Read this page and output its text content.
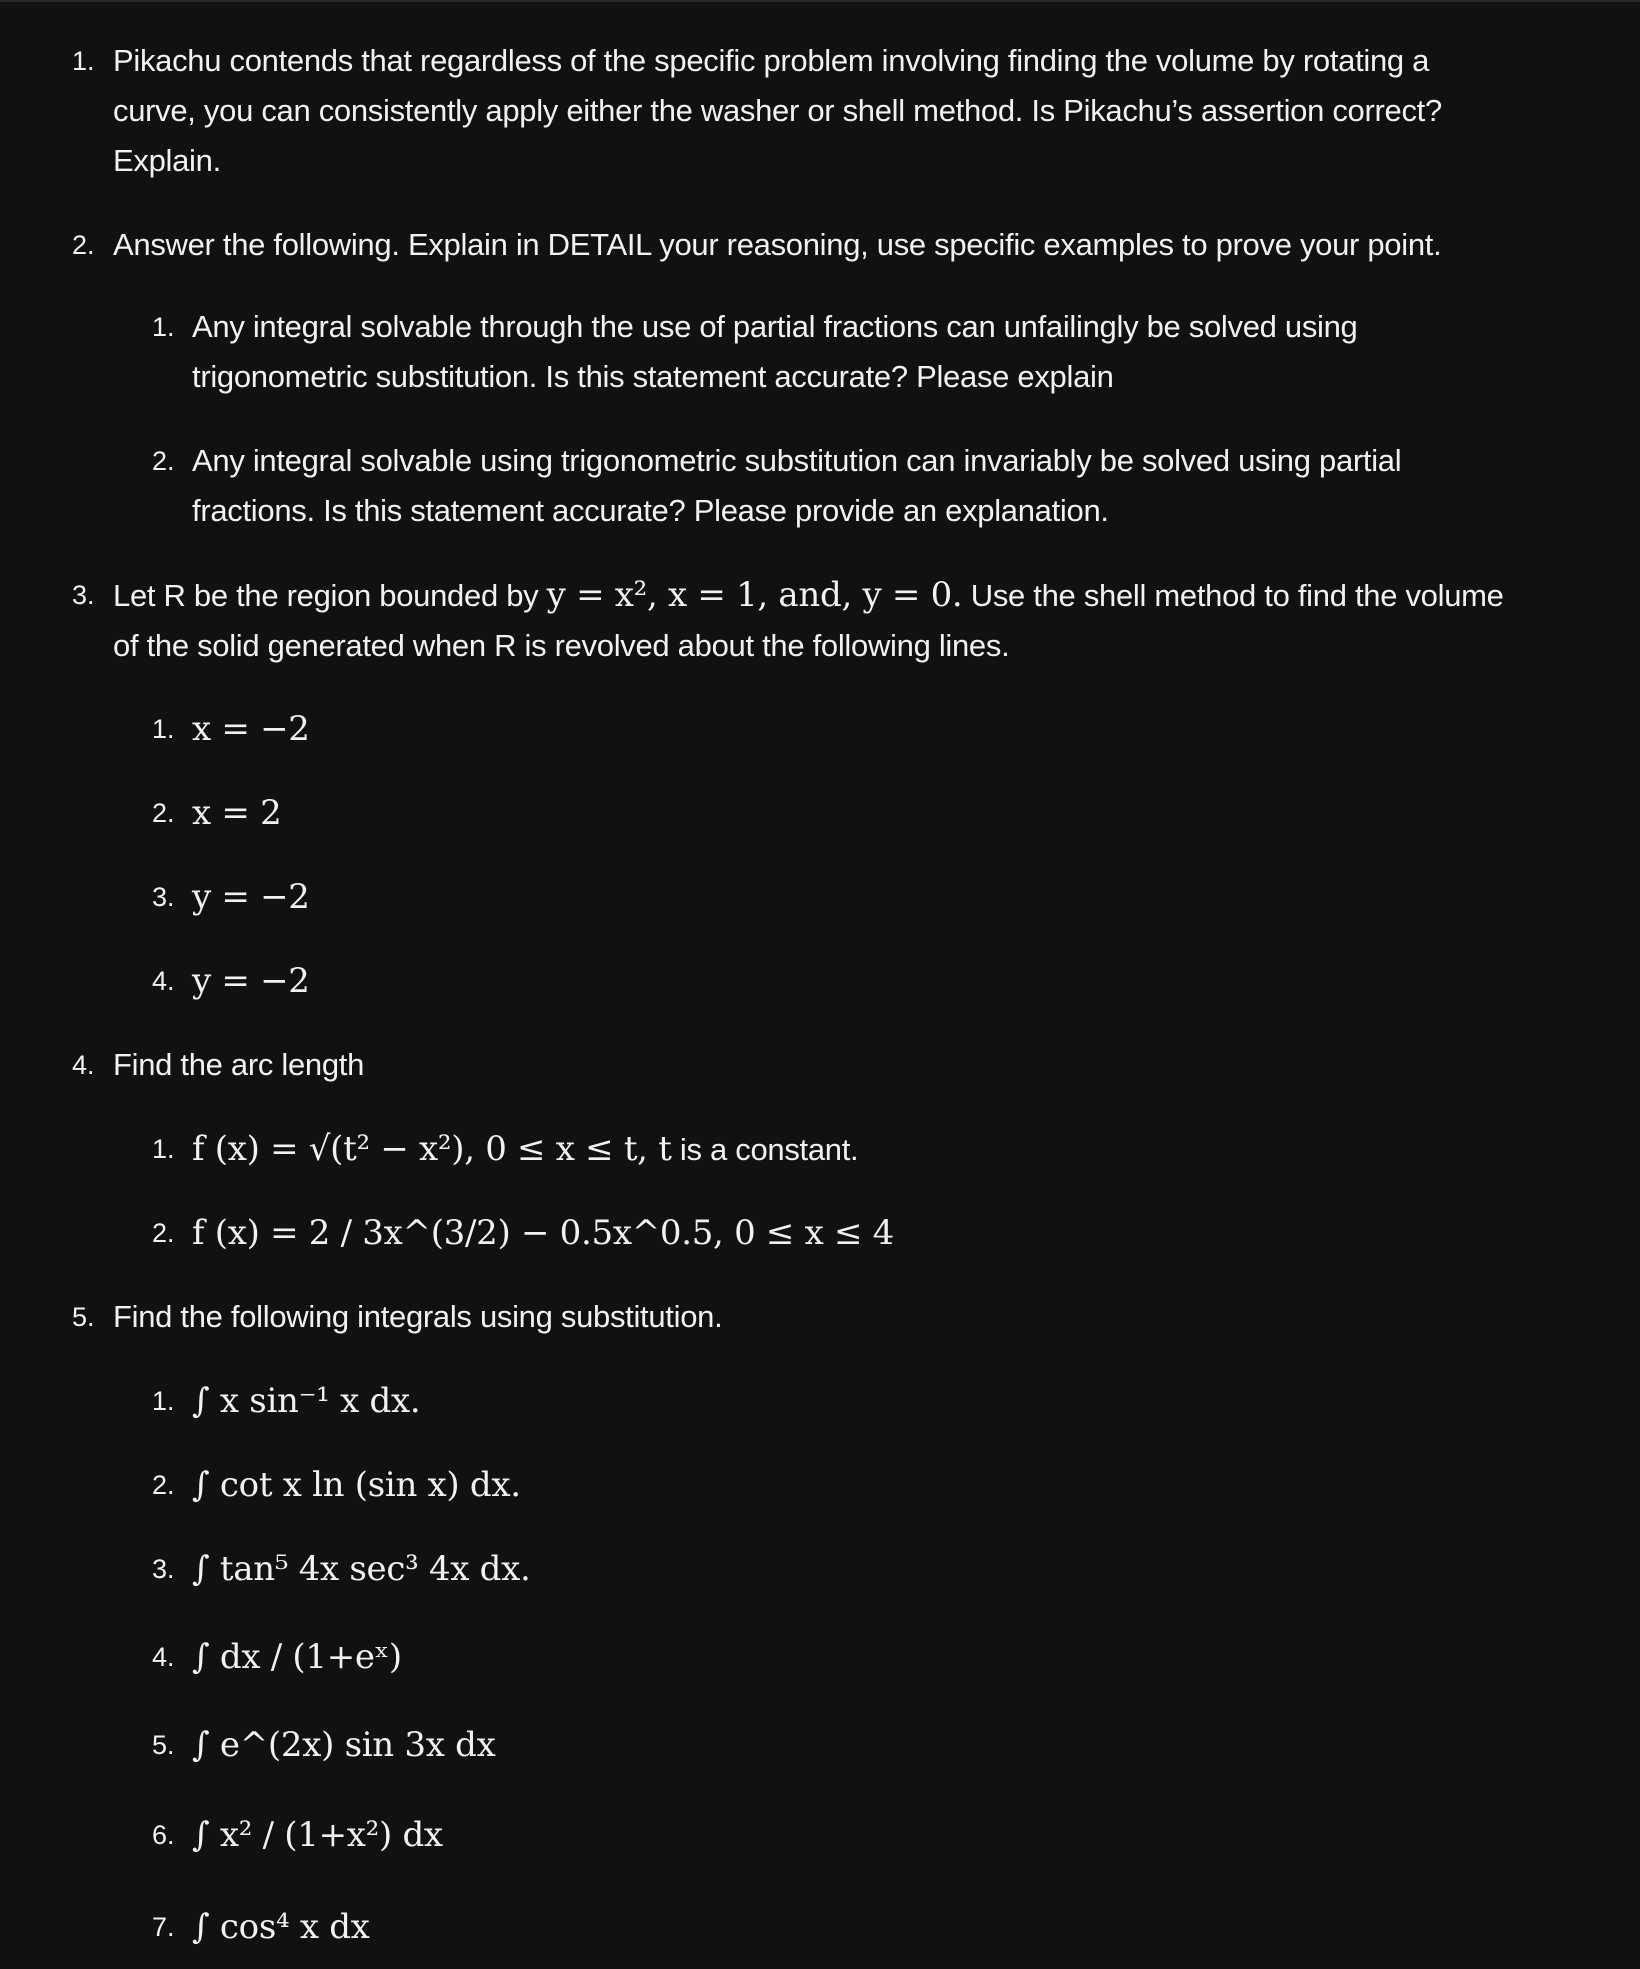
1. Pikachu contends that regardless of the specific problem involving finding the volume by rotating a
curve, you can consistently apply either the washer or shell method. Is Pikachu’s assertion correct?
Explain.
2. Answer the following. Explain in DETAIL your reasoning, use specific examples to prove your point.
1. Any integral solvable through the use of partial fractions can unfailingly be solved using
trigonometric substitution. Is this statement accurate? Please explain
2. Any integral solvable using trigonometric substitution can invariably be solved using partial
fractions. Is this statement accurate? Please provide an explanation.
3. Let R be the region bounded by y = x², x = 1, and, y = 0. Use the shell method to find the volume
of the solid generated when R is revolved about the following lines.
1. x = −2
2. x = 2
3. y = −2
4. y = −2
4. Find the arc length
1. f (x) = √(t² − x²), 0 ≤ x ≤ t, t is a constant.
2. f (x) = 2 / 3x^(3/2) − 0.5x^0.5, 0 ≤ x ≤ 4
5. Find the following integrals using substitution.
1. ∫ x sin⁻¹ x dx.
2. ∫ cot x ln (sin x) dx.
3. ∫ tan⁵ 4x sec³ 4x dx.
4. ∫ dx / (1+eˣ)
5. ∫ e^(2x) sin 3x dx
6. ∫ x² / (1+x²) dx
7. ∫ cos⁴ x dx
